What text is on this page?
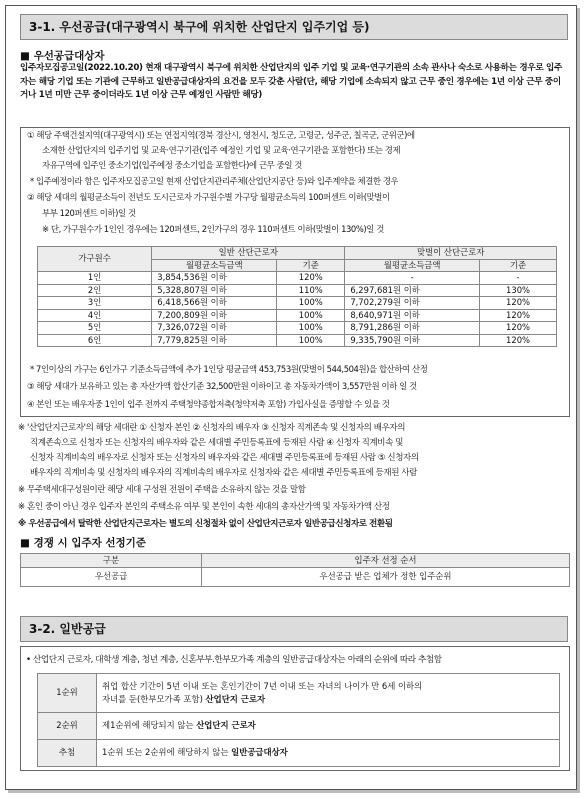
3-1. 우선공급(대구광역시 북구에 위치한 산업단지 입주기업 등)
■ 우선공급대상자
입주자모집공고일(2022.10.20) 현재 대구광역시 북구에 위치한 산업단지의 입주 기업 및 교육·연구기관의 소속 관사나 숙소로 사용하는 경우로 입주자는 해당 기업 또는 기관에 근무하고 일반공급대상자의 요건을 모두 갖춘 사람(단, 해당 기업에 소속되지 않고 근무 중인 경우에는 1년 이상 근무 중이거나 1년 미만 근무 중이더라도 1년 이상 근무 예정인 사람만 해당)
① 해당 주택건설지역(대구광역시) 또는 연접지역(경북 경산시, 영천시, 청도군, 고령군, 성주군, 칠곡군, 군위군)에
소재한 산업단지의 입주기업 및 교육·연구기관(입주 예정인 기업 및 교육·연구기관을 포함한다) 또는 경제
자유구역에 입주인 중소기업(입주예정 중소기업을 포함한다)에 근무 중일 것
* 입주예정이라 함은 입주자모집공고일 현재 산업단지관리주체(산업단지공단 등)와 입주계약을 체결한 경우
② 해당 세대의 월평균소득이 전년도 도시근로자 가구원수별 가구당 월평균소득의 100퍼센트 이하(맞벌이
부부 120퍼센트 이하)일 것
※ 단, 가구원수가 1인인 경우에는 120퍼센트, 2인가구의 경우 110퍼센트 이하(맞벌이 130%)일 것
가구원수	일반 산단근로자		맞벌이 산단근로자	
	월평균소득금액	기준	월평균소득금액	기준
1인	3,854,536원 이하	120%	-	-
2인	5,328,807원 이하	110%	6,297,681원 이하	130%
3인	6,418,566원 이하	100%	7,702,279원 이하	120%
4인	7,200,809원 이하	100%	8,640,971원 이하	120%
5인	7,326,072원 이하	100%	8,791,286원 이하	120%
6인	7,779,825원 이하	100%	9,335,790원 이하	120%
* 7인이상의 가구는 6인가구 기준소득금액에 추가 1인당 평균금액 453,753원(맞벌이 544,504원)을 합산하여 산정
③ 해당 세대가 보유하고 있는 총 자산가액 합산기준 32,500만원 이하이고 총 자동차가액이 3,557만원 이하 일 것
④ 본인 또는 배우자중 1인이 입주 전까지 주택청약종합저축(청약저축 포함) 가입사실을 증명할 수 있을 것
※ '산업단지근로자'의 해당 세대란 ① 신청자 본인 ② 신청자의 배우자 ③ 신청자 직계존속 및 신청자의 배우자의
직계존속으로 신청자 또는 신청자의 배우자와 같은 세대별 주민등록표에 등재된 사람 ④ 신청자 직계비속 및
신청자 직계비속의 배우자로 신청자 또는 신청자의 배우자와 같은 세대별 주민등록표에 등재된 사람 ⑤ 신청자의
배우자의 직계비속 및 신청자의 배우자의 직계비속의 배우자로 신청자와 같은 세대별 주민등록표에 등재된 사람
※ 무주택세대구성원이란 해당 세대 구성원 전원이 주택을 소유하지 않는 것을 말함
※ 혼인 중이 아닌 경우 입주자 본인의 주택소유 여부 및 본인이 속한 세대의 총자산가액 및 자동차가액 산정
※ 우선공급에서 탈락한 산업단지근로자는 별도의 신청절차 없이 산업단지근로자 일반공급신청자로 전환됨
■ 경쟁 시 입주자 선정기준
구분	입주자 선정 순서
우선공급	우선공급 받은 업체가 정한 입주순위
3-2. 일반공급
• 산업단지 근로자, 대학생 계층, 청년 계층, 신혼부부.한부모가족 계층의 일반공급대상자는 아래의 순위에 따라 추첨함
1순위	취업 합산 기간이 5년 이내 또는 혼인기간이 7년 이내 또는 자녀의 나이가 만 6세 이하의
자녀를 둔(한부모가족 포함) 산업단지 근로자

2순위	제1순위에 해당되지 않는 산업단지 근로자
추첨	1순위 또는 2순위에 해당하지 않는 일반공급대상자
